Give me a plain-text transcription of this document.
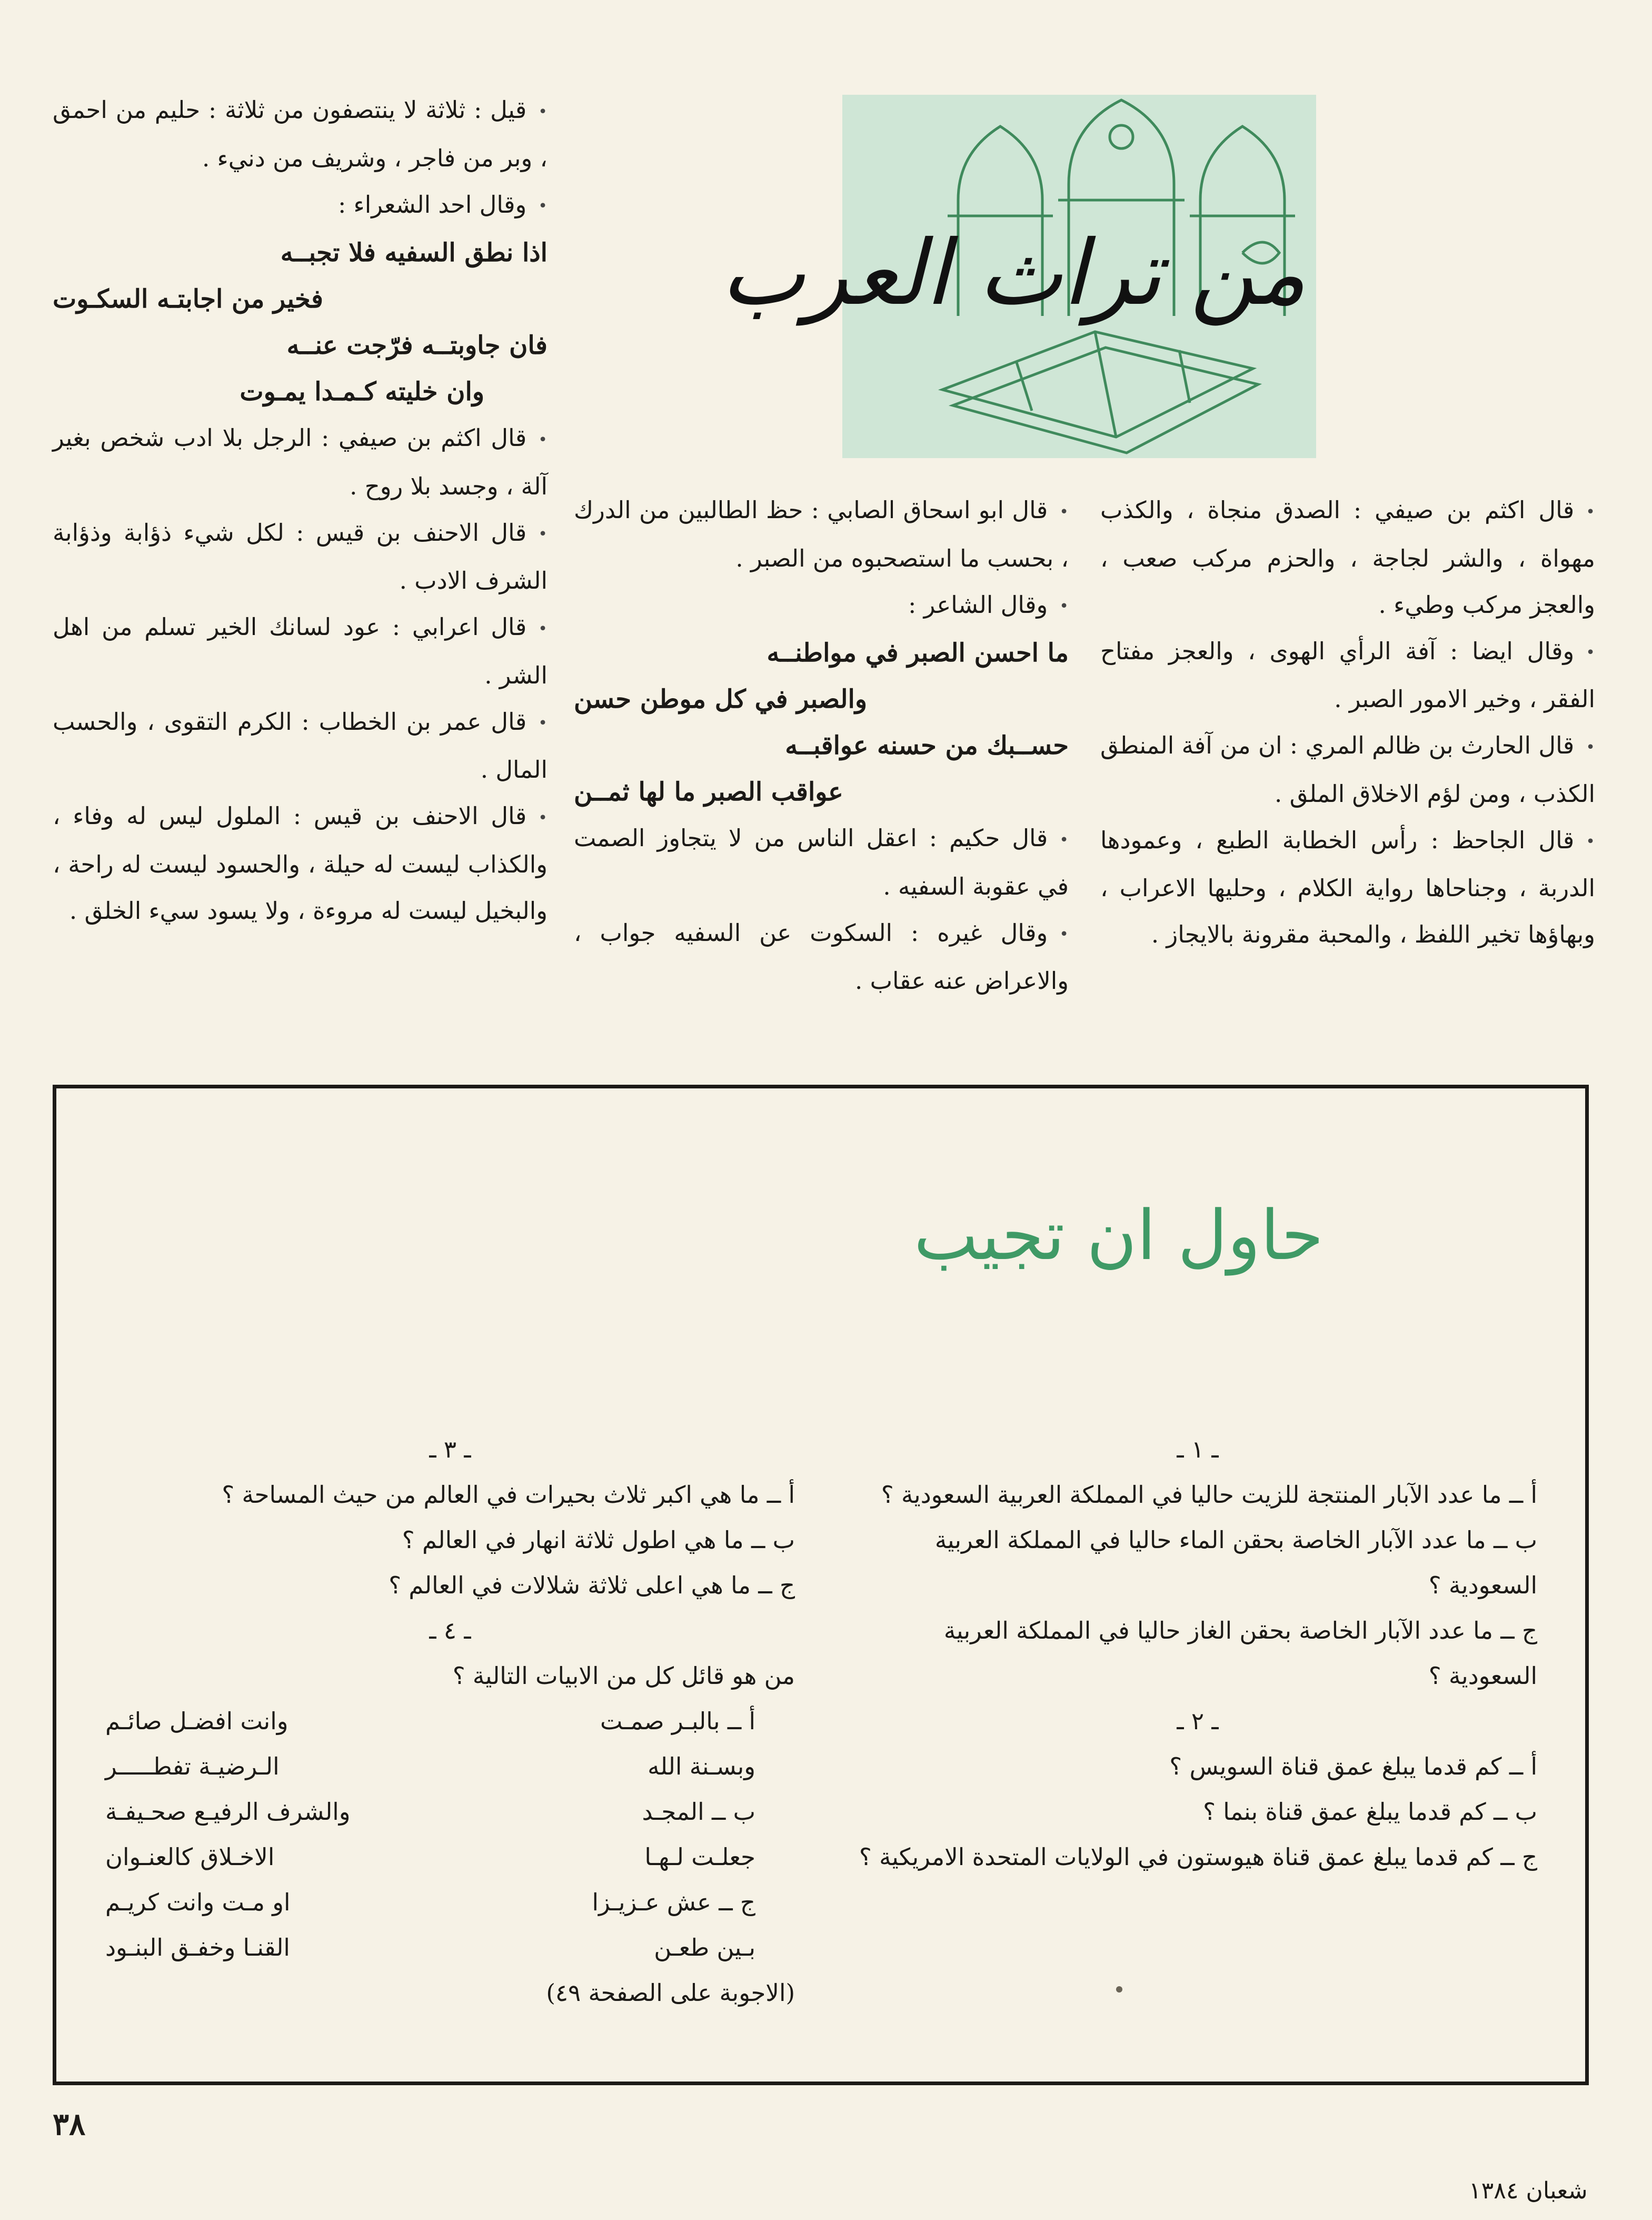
من تراث العرب

• قال اكثم بن صيفي : الصدق منجاة ، والكذب مهواة ، والشر لجاجة ، والحزم مركب صعب ، والعجز مركب وطيء .

• وقال ايضا : آفة الرأي الهوى ، والعجز مفتاح الفقر ، وخير الامور الصبر .

• قال الحارث بن ظالم المري : ان من آفة المنطق الكذب ، ومن لؤم الاخلاق الملق .

• قال الجاحظ : رأس الخطابة الطبع ، وعمودها الدربة ، وجناحاها رواية الكلام ، وحليها الاعراب ، وبهاؤها تخير اللفظ ، والمحبة مقرونة بالايجاز .

• قال ابو اسحاق الصابي : حظ الطالبين من الدرك ، بحسب ما استصحبوه من الصبر .

• وقال الشاعر :

ما احسن الصبر في مواطنــه

والصبر في كل موطن حسن

حســبك من حسنه عواقبــه

عواقب الصبر ما لها ثمــن

• قال حكيم : اعقل الناس من لا يتجاوز الصمت في عقوبة السفيه .

• وقال غيره : السكوت عن السفيه جواب ، والاعراض عنه عقاب .

• قيل : ثلاثة لا ينتصفون من ثلاثة : حليم من احمق ، وبر من فاجر ، وشريف من دنيء .

• وقال احد الشعراء :

اذا نطق السفيه فلا تجبــه

فخير من اجابتـه السكـوت

فان جاوبتــه فرّجت عنــه

وان خليته كـمـدا يمـوت

• قال اكثم بن صيفي : الرجل بلا ادب شخص بغير آلة ، وجسد بلا روح .

• قال الاحنف بن قيس : لكل شيء ذؤابة وذؤابة الشرف الادب .

• قال اعرابي : عود لسانك الخير تسلم من اهل الشر .

• قال عمر بن الخطاب : الكرم التقوى ، والحسب المال .

• قال الاحنف بن قيس : الملول ليس له وفاء ، والكذاب ليست له حيلة ، والحسود ليست له راحة ، والبخيل ليست له مروءة ، ولا يسود سيء الخلق .

حاول ان تجيب

ـ ١ ـ

أ ــ ما عدد الآبار المنتجة للزيت حاليا في المملكة العربية السعودية ؟

ب ــ ما عدد الآبار الخاصة بحقن الماء حاليا في المملكة العربية السعودية ؟

ج ــ ما عدد الآبار الخاصة بحقن الغاز حاليا في المملكة العربية السعودية ؟

ـ ٢ ـ

أ ــ كم قدما يبلغ عمق قناة السويس ؟

ب ــ كم قدما يبلغ عمق قناة بنما ؟

ج ــ كم قدما يبلغ عمق قناة هيوستون في الولايات المتحدة الامريكية ؟

ـ ٣ ـ

أ ــ ما هي اكبر ثلاث بحيرات في العالم من حيث المساحة ؟

ب ــ ما هي اطول ثلاثة انهار في العالم ؟

ج ــ ما هي اعلى ثلاثة شلالات في العالم ؟

ـ ٤ ـ

من هو قائل كل من الابيات التالية ؟

أ ــ بالبـر صمـت
وانت افضـل صائـم

وبسـنة الله
الـرضيـة تفطـــــر

ب ــ المجـد
والشرف الرفيـع صحـيفـة

جعلـت لـهـا
الاخـلاق كالعنـوان

ج ــ عش عـزيـزا
او مـت وانت كريـم

بـين طعـن
القنـا وخفـق البنـود

(الاجوبة على الصفحة ٤٩)

٣٨
شعبان ١٣٨٤
